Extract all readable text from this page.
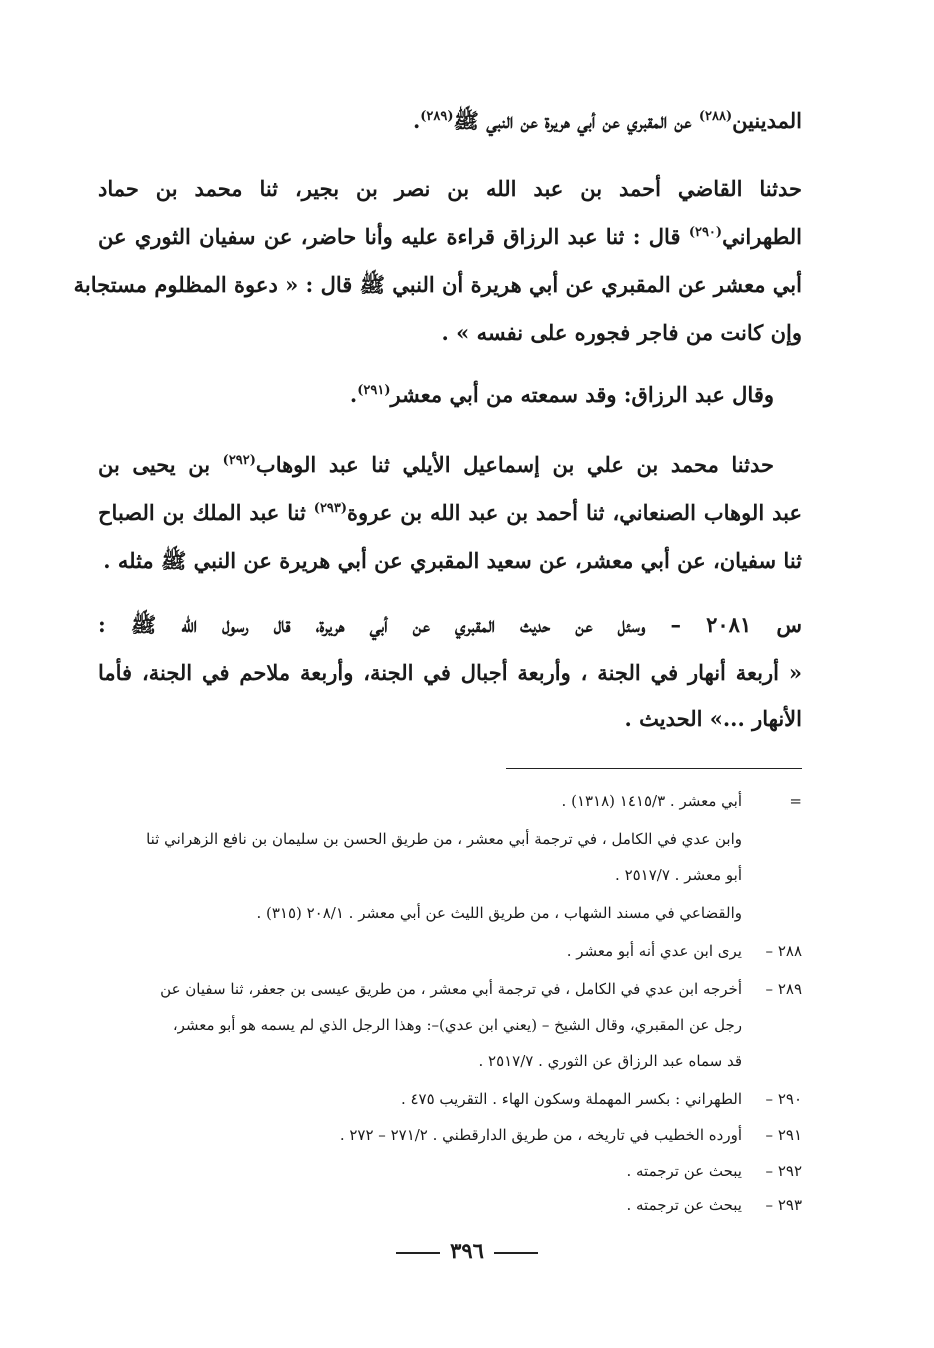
المدينين$^{(٢٨٨)}$ عن المقبري عن أبي هريرة عن النبي ﷺ$^{(٢٨٩)}$.
حدثنا القاضي أحمد بن عبد الله بن نصر بن بجير، ثنا محمد بن حماد
الطهراني$^{(٢٩٠)}$ قال : ثنا عبد الرزاق قراءة عليه وأنا حاضر، عن سفيان الثوري عن
أبي معشر عن المقبري عن أبي هريرة أن النبي ﷺ قال : « دعوة المظلوم مستجابة
وإن كانت من فاجر فجوره على نفسه » .
وقال عبد الرزاق: وقد سمعته من أبي معشر$^{(٢٩١)}$.
حدثنا محمد بن علي بن إسماعيل الأيلي ثنا عبد الوهاب$^{(٢٩٢)}$ بن يحيى بن
عبد الوهاب الصنعاني، ثنا أحمد بن عبد الله بن عروة$^{(٢٩٣)}$ ثنا عبد الملك بن الصباح
ثنا سفيان، عن أبي معشر، عن سعيد المقبري عن أبي هريرة عن النبي ﷺ مثله .
س ٢٠٨١ – وسئل عن حديث المقبري عن أبي هريرة، قال رسول الله ﷺ :
« أربعة أنهار في الجنة ، وأربعة أجبال في الجنة، وأربعة ملاحم في الجنة، فأما
الأنهار ...» الحديث .
=أبي معشر . ١٤١٥/٣ (١٣١٨) .
وابن عدي في الكامل ، في ترجمة أبي معشر ، من طريق الحسن بن سليمان بن نافع الزهراني ثنا
أبو معشر . ٢٥١٧/٧ .
والقضاعي في مسند الشهاب ، من طريق الليث عن أبي معشر . ٢٠٨/١ (٣١٥) .
٢٨٨ –يرى ابن عدي أنه أبو معشر .
٢٨٩ –أخرجه ابن عدي في الكامل ، في ترجمة أبي معشر ، من طريق عيسى بن جعفر، ثنا سفيان عن
رجل عن المقبري، وقال الشيخ – (يعني ابن عدي)–: وهذا الرجل الذي لم يسمه هو أبو معشر،
قد سماه عبد الرزاق عن الثوري . ٢٥١٧/٧ .
٢٩٠ –الطهراني : بكسر المهملة وسكون الهاء . التقريب ٤٧٥ .
٢٩١ –أورده الخطيب في تاريخه ، من طريق الدارقطني . ٢٧١/٢ – ٢٧٢ .
٢٩٢ –يبحث عن ترجمته .
٢٩٣ –يبحث عن ترجمته .
٣٩٦
